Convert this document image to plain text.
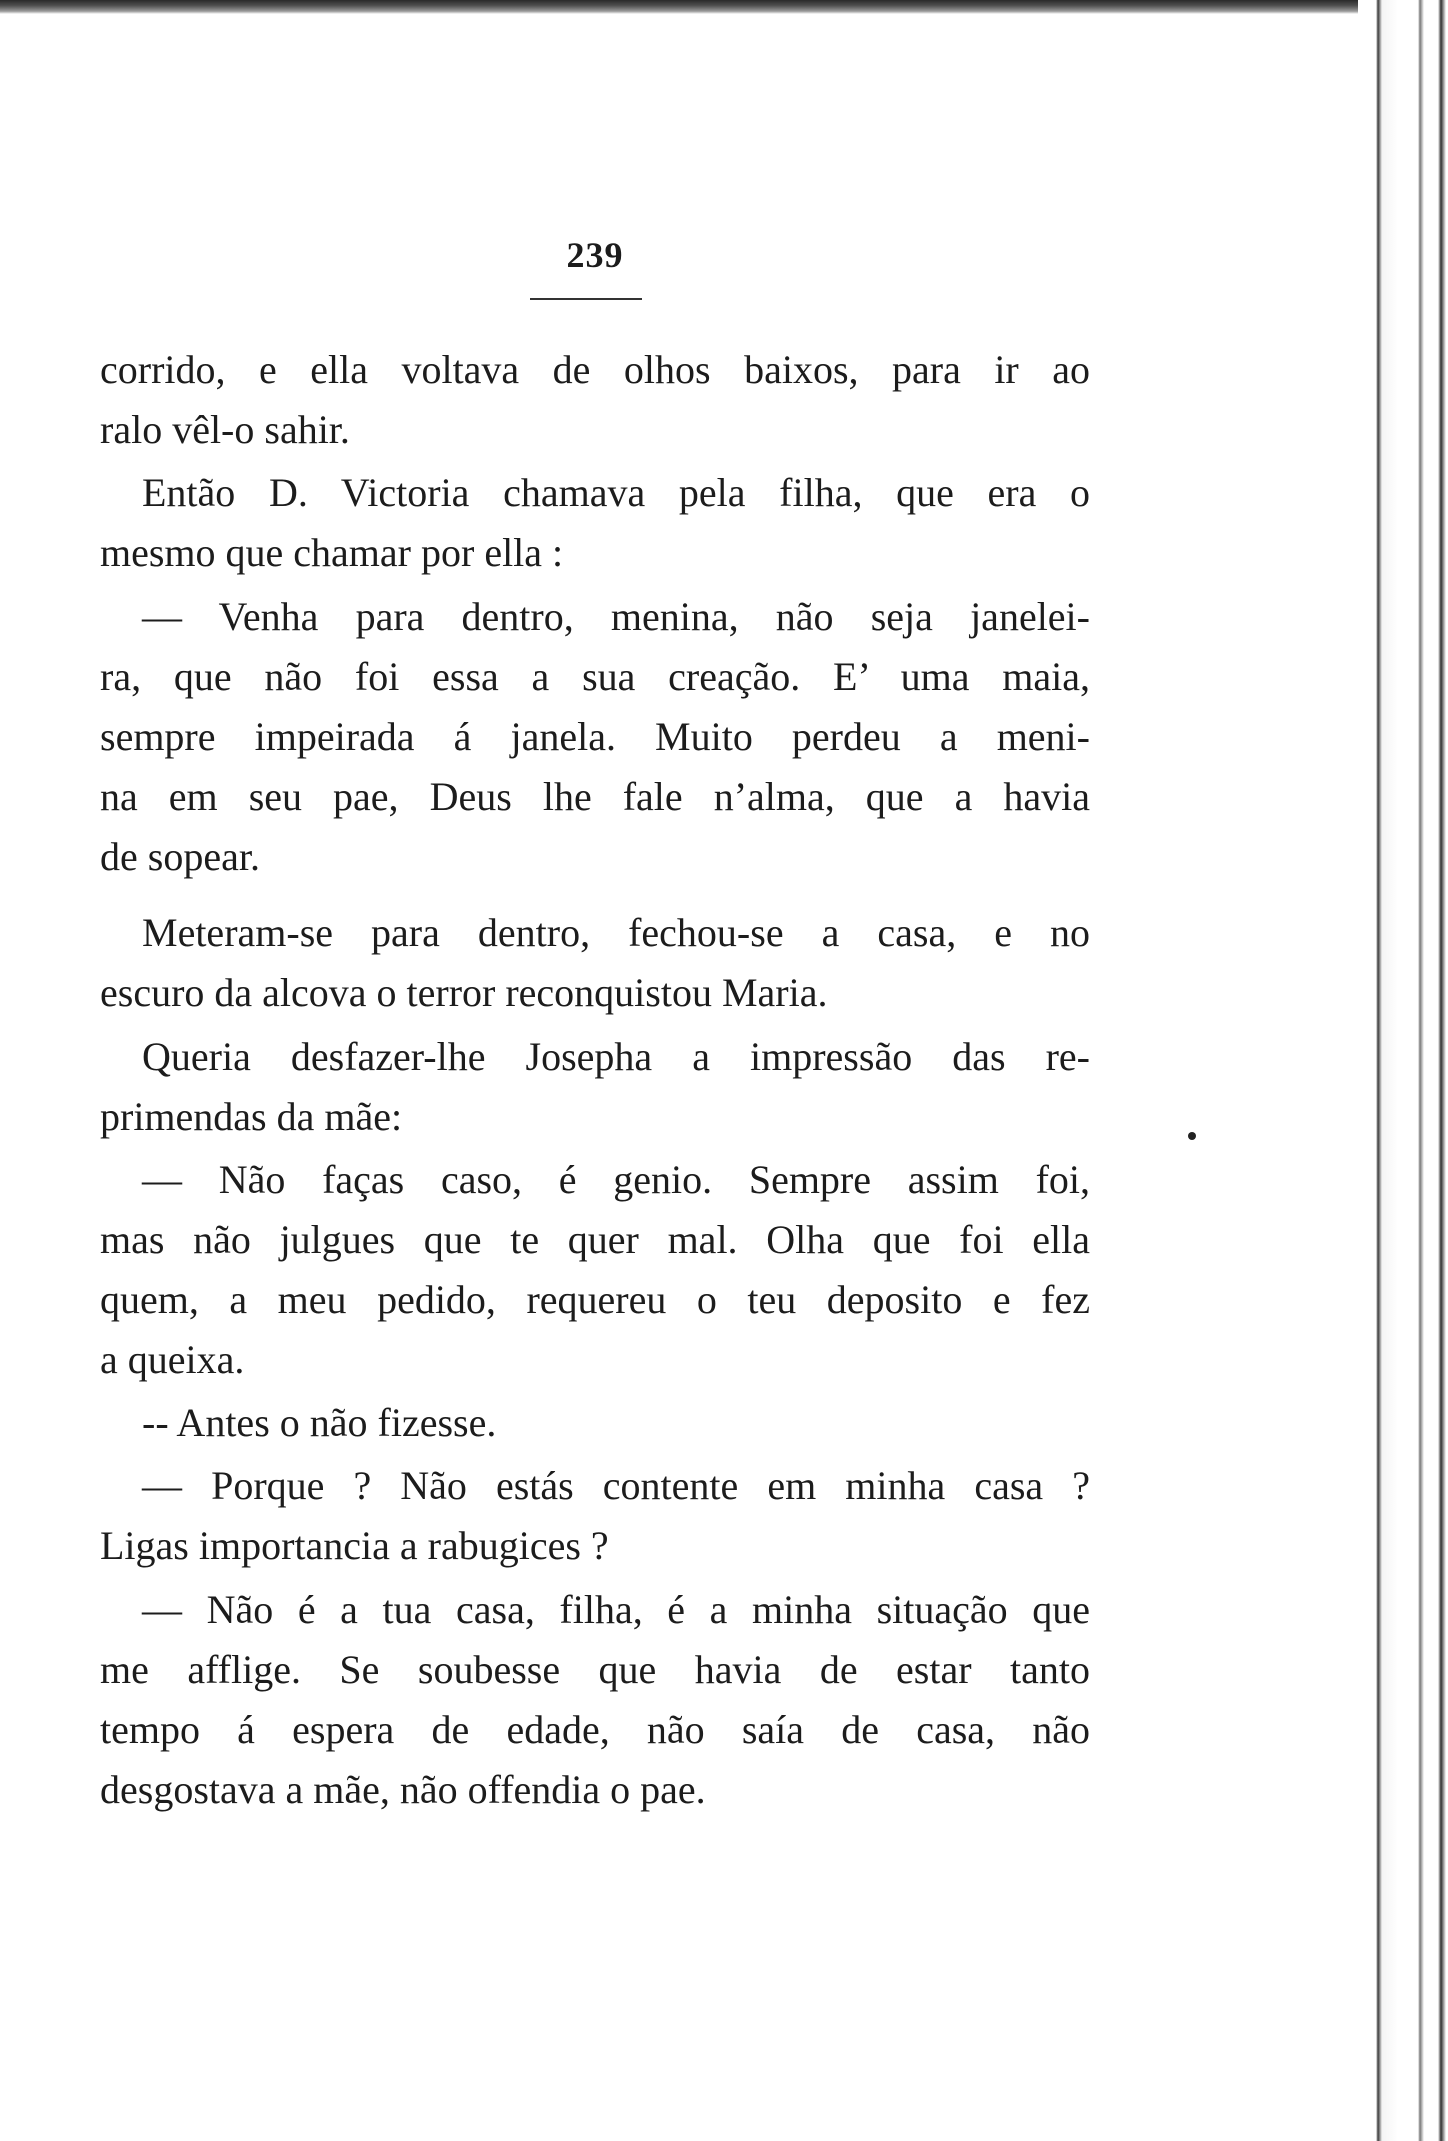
239
corrido, e ella voltava de olhos baixos, para ir ao
ralo vêl-o sahir.
Então D. Victoria chamava pela filha, que era o
mesmo que chamar por ella :
— Venha para dentro, menina, não seja janelei-
ra, que não foi essa a sua creação. E’ uma maia,
sempre impeirada á janela. Muito perdeu a meni-
na em seu pae, Deus lhe fale n’alma, que a havia
de sopear.
Meteram-se para dentro, fechou-se a casa, e no
escuro da alcova o terror reconquistou Maria.
Queria desfazer-lhe Josepha a impressão das re-
primendas da mãe:
— Não faças caso, é genio. Sempre assim foi,
mas não julgues que te quer mal. Olha que foi ella
quem, a meu pedido, requereu o teu deposito e fez
a queixa.
-- Antes o não fizesse.
— Porque ? Não estás contente em minha casa ?
Ligas importancia a rabugices ?
— Não é a tua casa, filha, é a minha situação que
me afflige. Se soubesse que havia de estar tanto
tempo á espera de edade, não saía de casa, não
desgostava a mãe, não offendia o pae.
